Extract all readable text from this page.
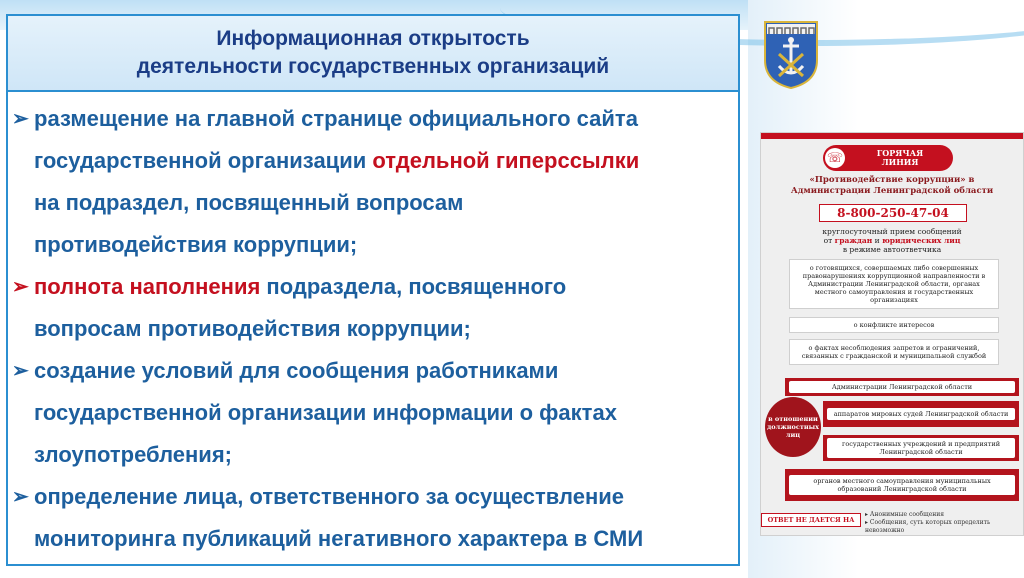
Информационная открытость
деятельности государственных организаций
➢ размещение на главной странице официального сайта
государственной организации отдельной гиперссылки
на подраздел, посвященный вопросам
противодействия коррупции;
➢ полнота наполнения подраздела, посвященного
вопросам противодействия коррупции;
➢ создание условий для сообщения работниками
государственной организации информации о фактах
злоупотребления;
➢ определение лица, ответственного за осуществление
мониторинга публикаций негативного характера в СМИ
ГОРЯЧАЯ ЛИНИЯ
☏
«Противодействие коррупции» в Администрации Ленинградской области
8-800-250-47-04
круглосуточный прием сообщений
от граждан и юридических лиц
в режиме автоответчика
о готовящихся, совершаемых либо совершенных правонарушениях коррупционной направленности в Администрации Ленинградской области, органах местного самоуправления и государственных организациях
о конфликте интересов
о фактах несоблюдения запретов и ограничений, связанных с гражданской и муниципальной службой
в отношении должностных лиц
Администрации Ленинградской области
аппаратов мировых судей Ленинградской области
государственных учреждений и предприятий Ленинградской области
органов местного самоуправления муниципальных образований Ленинградской области
ОТВЕТ НЕ ДАЕТСЯ НА
▸ Анонимные сообщения
▸ Сообщения, суть которых определить невозможно
